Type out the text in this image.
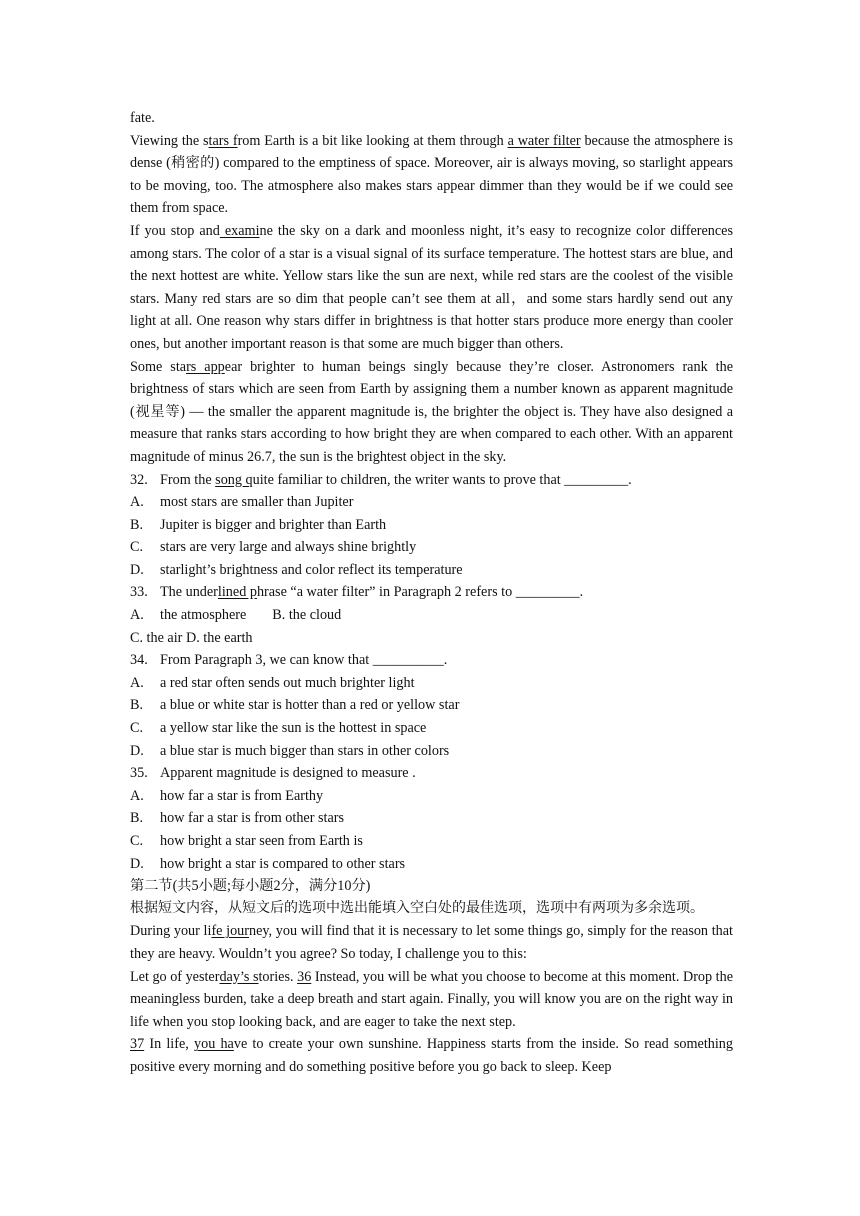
fate.

Viewing the stars from Earth is a bit like looking at them through a water filter because the atmosphere is dense (稍密的) compared to the emptiness of space. Moreover, air is always moving, so starlight appears to be moving, too. The atmosphere also makes stars appear dimmer than they would be if we could see them from space.

If you stop and examine the sky on a dark and moonless night, it’s easy to recognize color differences among stars. The color of a star is a visual signal of its surface temperature. The hottest stars are blue, and the next hottest are white. Yellow stars like the sun are next, while red stars are the coolest of the visible stars. Many red stars are so dim that people can’t see them at all，and some stars hardly send out any light at all. One reason why stars differ in brightness is that hotter stars produce more energy than cooler ones, but another important reason is that some are much bigger than others.

Some stars appear brighter to human beings singly because they’re closer. Astronomers rank the brightness of stars which are seen from Earth by assigning them a number known as apparent magnitude (视星等) — the smaller the apparent magnitude is, the brighter the object is. They have also designed a measure that ranks stars according to how bright they are when compared to each other. With an apparent magnitude of minus 26.7, the sun is the brightest object in the sky.

32. From the song quite familiar to children, the writer wants to prove that _________.

A.	most stars are smaller than Jupiter

B.	Jupiter is bigger and brighter than Earth

C.	stars are very large and always shine brightly

D.	starlight’s brightness and color reflect its temperature

33. The underlined phrase “a water filter” in Paragraph 2 refers to _________.

A.	the atmosphere B. the cloud

C. the air D. the earth

34. From Paragraph 3, we can know that __________.

A.	a red star often sends out much brighter light

B.	a blue or white star is hotter than a red or yellow star

C.	a yellow star like the sun is the hottest in space

D.	a blue star is much bigger than stars in other colors

35. Apparent magnitude is designed to measure .

A.	how far a star is from Earthy

B.	how far a star is from other stars

C.	how bright a star seen from Earth is

D.	how bright a star is compared to other stars

第二节(共5小题;每小题2分，满分10分)

根据短文内容，从短文后的选项中选出能填入空白处的最佳选项，选项中有两项为多余选项。

During your life journey, you will find that it is necessary to let some things go, simply for the reason that they are heavy. Wouldn’t you agree? So today, I challenge you to this:

Let go of yesterday’s stories. 36 Instead, you will be what you choose to become at this moment. Drop the meaningless burden, take a deep breath and start again. Finally, you will know you are on the right way in life when you stop looking back, and are eager to take the next step.

37 In life, you have to create your own sunshine. Happiness starts from the inside. So read something positive every morning and do something positive before you go back to sleep. Keep
